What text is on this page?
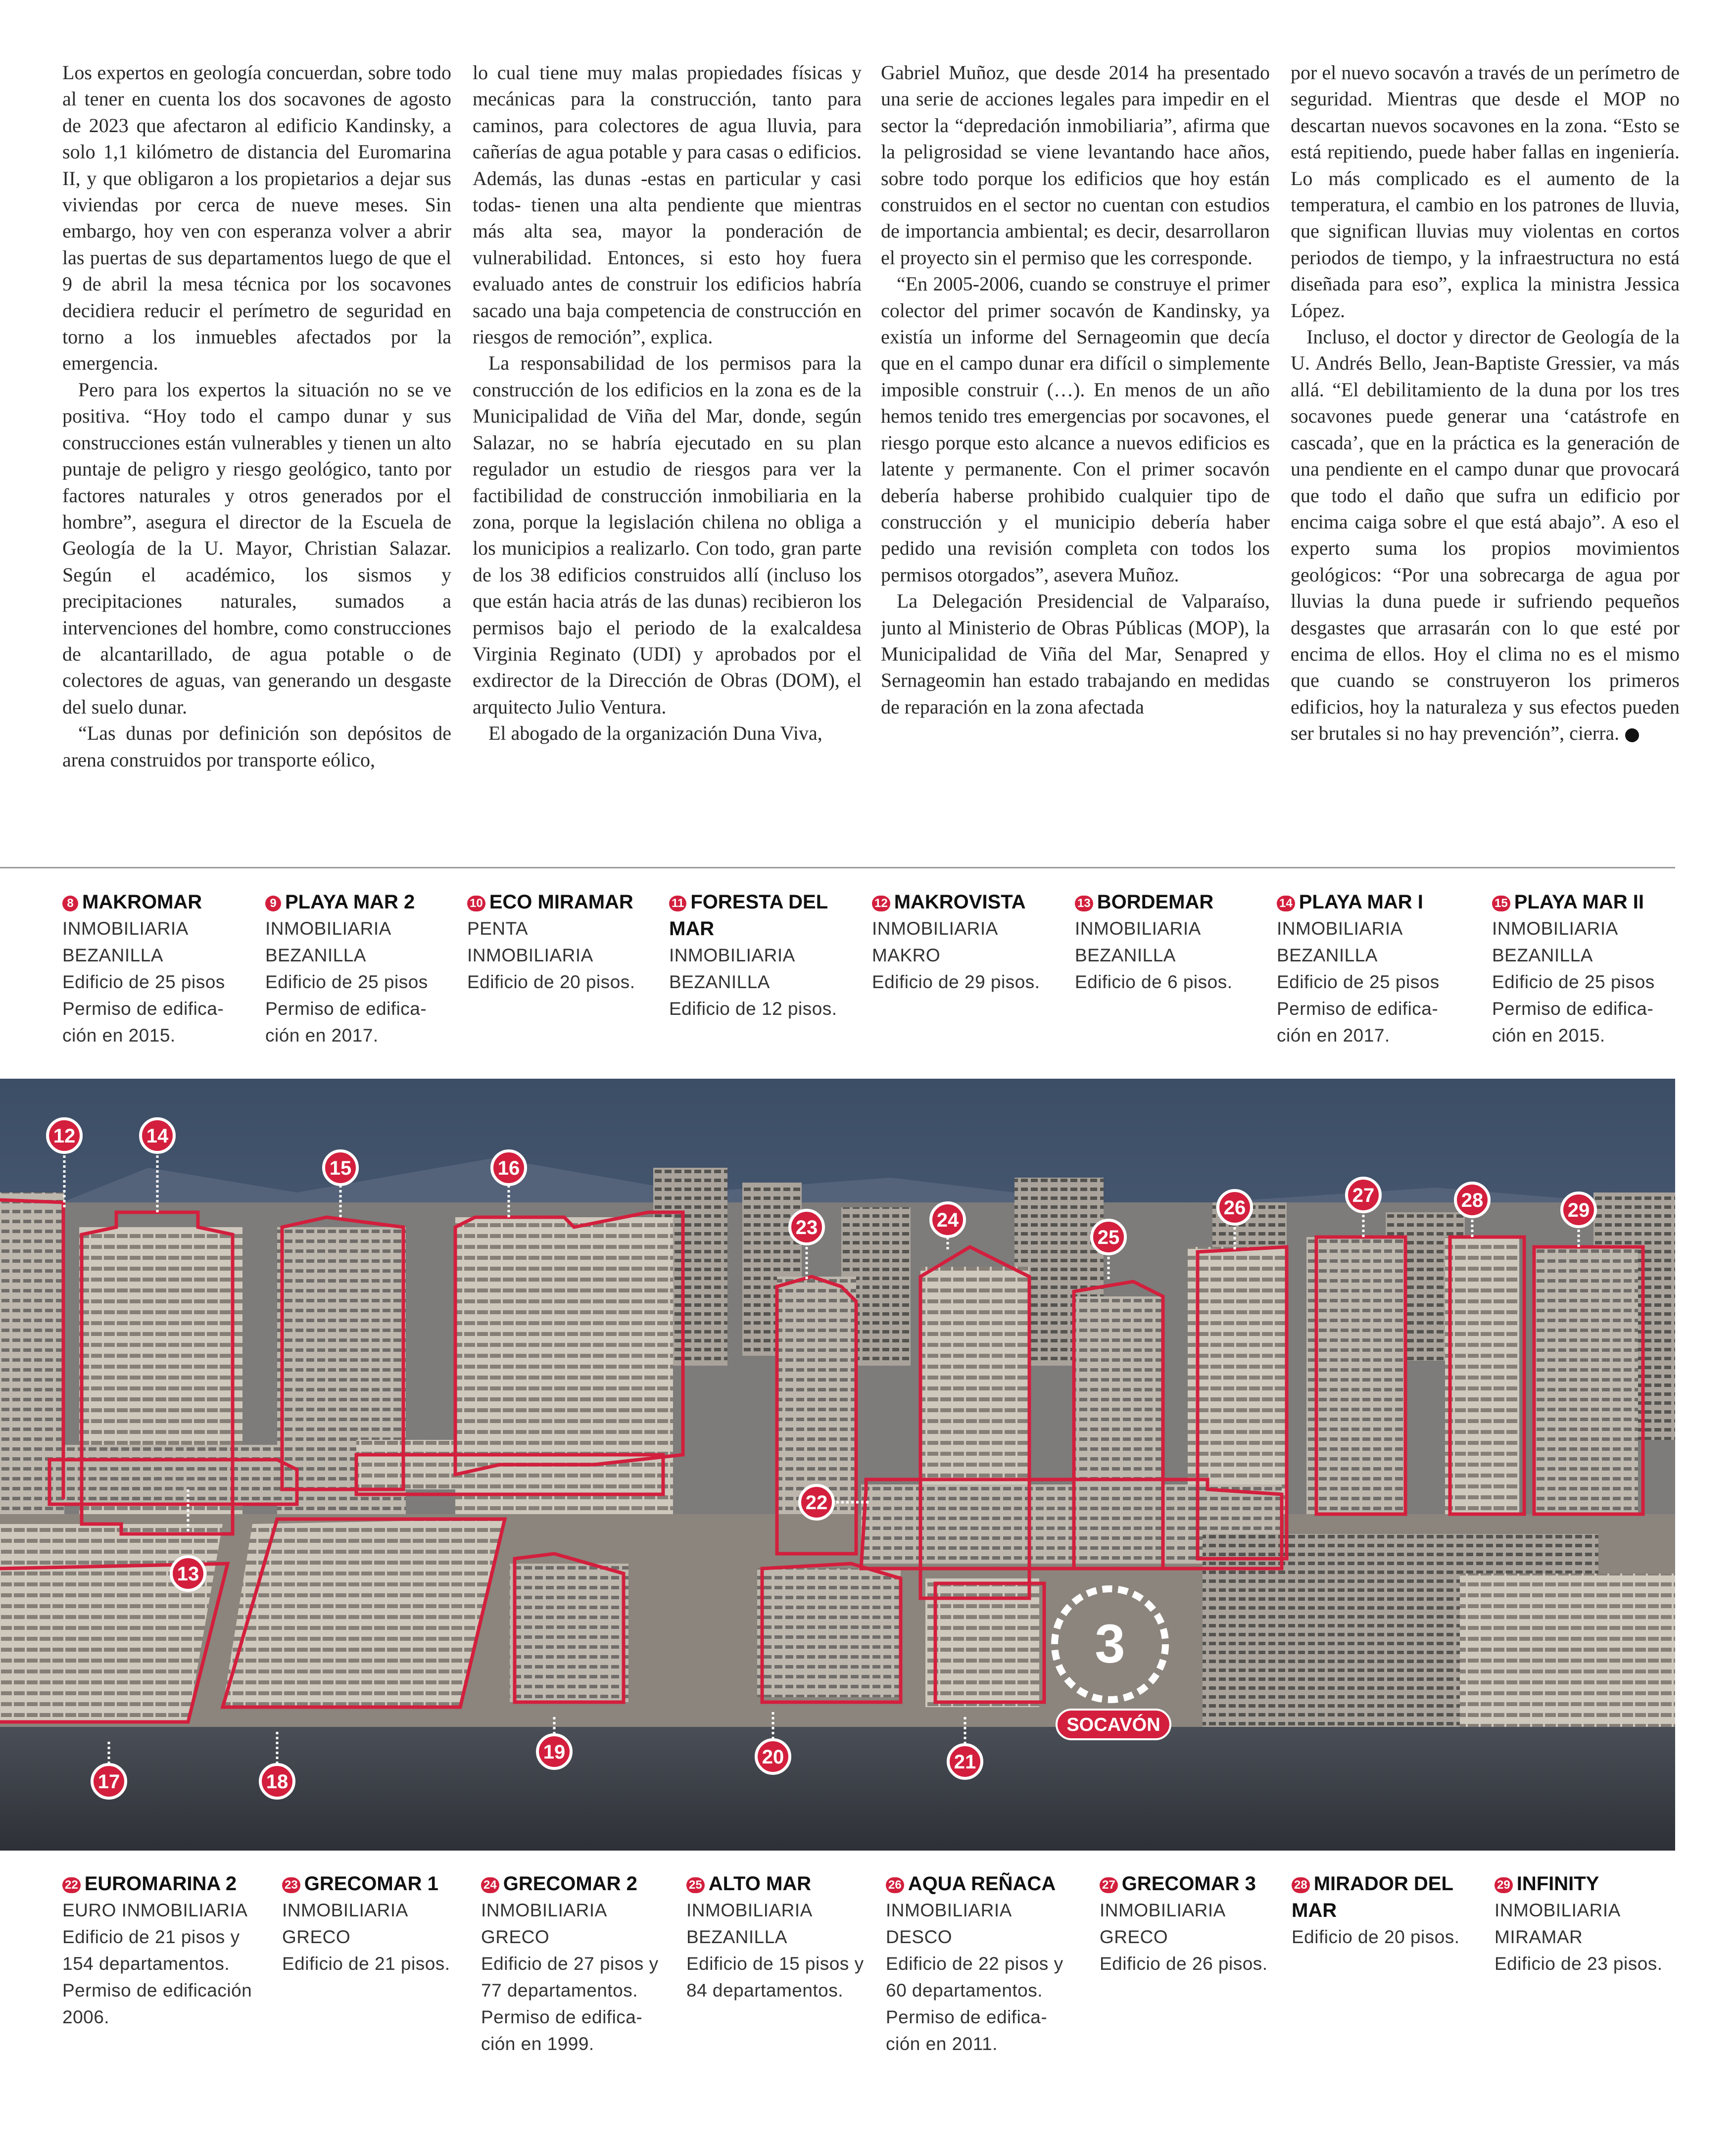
Los expertos en geología concuerdan, sobre todo al tener en cuenta los dos socavones de agosto de 2023 que afectaron al edificio Kandinsky, a solo 1,1 kilómetro de distancia del Euromarina II, y que obligaron a los propietarios a dejar sus viviendas por cerca de nueve meses. Sin embargo, hoy ven con esperanza volver a abrir las puertas de sus departamentos luego de que el 9 de abril la mesa técnica por los socavones decidiera reducir el perímetro de seguridad en torno a los inmuebles afectados por la emergencia.

Pero para los expertos la situación no se ve positiva. “Hoy todo el campo dunar y sus construcciones están vulnerables y tienen un alto puntaje de peligro y riesgo geológico, tanto por factores naturales y otros generados por el hombre”, asegura el director de la Escuela de Geología de la U. Mayor, Christian Salazar. Según el académico, los sismos y precipitaciones naturales, sumados a intervenciones del hombre, como construcciones de alcantarillado, de agua potable o de colectores de aguas, van generando un desgaste del suelo dunar.

“Las dunas por definición son depósitos de arena construidos por transporte eólico,

lo cual tiene muy malas propiedades físicas y mecánicas para la construcción, tanto para caminos, para colectores de agua lluvia, para cañerías de agua potable y para casas o edificios. Además, las dunas -estas en particular y casi todas- tienen una alta pendiente que mientras más alta sea, mayor la ponderación de vulnerabilidad. Entonces, si esto hoy fuera evaluado antes de construir los edificios habría sacado una baja competencia de construcción en riesgos de remoción”, explica.

La responsabilidad de los permisos para la construcción de los edificios en la zona es de la Municipalidad de Viña del Mar, donde, según Salazar, no se habría ejecutado en su plan regulador un estudio de riesgos para ver la factibilidad de construcción inmobiliaria en la zona, porque la legislación chilena no obliga a los municipios a realizarlo. Con todo, gran parte de los 38 edificios construidos allí (incluso los que están hacia atrás de las dunas) recibieron los permisos bajo el periodo de la exalcaldesa Virginia Reginato (UDI) y aprobados por el exdirector de la Dirección de Obras (DOM), el arquitecto Julio Ventura.

El abogado de la organización Duna Viva,

Gabriel Muñoz, que desde 2014 ha presentado una serie de acciones legales para impedir en el sector la “depredación inmobiliaria”, afirma que la peligrosidad se viene levantando hace años, sobre todo porque los edificios que hoy están construidos en el sector no cuentan con estudios de importancia ambiental; es decir, desarrollaron el proyecto sin el permiso que les corresponde.

“En 2005-2006, cuando se construye el primer colector del primer socavón de Kandinsky, ya existía un informe del Sernageomin que decía que en el campo dunar era difícil o simplemente imposible construir (…). En menos de un año hemos tenido tres emergencias por socavones, el riesgo porque esto alcance a nuevos edificios es latente y permanente. Con el primer socavón debería haberse prohibido cualquier tipo de construcción y el municipio debería haber pedido una revisión completa con todos los permisos otorgados”, asevera Muñoz.

La Delegación Presidencial de Valparaíso, junto al Ministerio de Obras Públicas (MOP), la Municipalidad de Viña del Mar, Senapred y Sernageomin han estado trabajando en medidas de reparación en la zona afectada

por el nuevo socavón a través de un perímetro de seguridad. Mientras que desde el MOP no descartan nuevos socavones en la zona. “Esto se está repitiendo, puede haber fallas en ingeniería. Lo más complicado es el aumento de la temperatura, el cambio en los patrones de lluvia, que significan lluvias muy violentas en cortos periodos de tiempo, y la infraestructura no está diseñada para eso”, explica la ministra Jessica López.

Incluso, el doctor y director de Geología de la U. Andrés Bello, Jean-Baptiste Gressier, va más allá. “El debilitamiento de la duna por los tres socavones puede generar una ‘catástrofe en cascada’, que en la práctica es la generación de una pendiente en el campo dunar que provocará que todo el daño que sufra un edificio por encima caiga sobre el que está abajo”. A eso el experto suma los propios movimientos geológicos: “Por una sobrecarga de agua por lluvias la duna puede ir sufriendo pequeños desgastes que arrasarán con lo que esté por encima de ellos. Hoy el clima no es el mismo que cuando se construyeron los primeros edificios, hoy la naturaleza y sus efectos pueden ser brutales si no hay prevención”, cierra.

8 MAKROMAR
INMOBILIARIA
BEZANILLA
Edificio de 25 pisos
Permiso de edifica-
ción en 2015.
9 PLAYA MAR 2
INMOBILIARIA
BEZANILLA
Edificio de 25 pisos
Permiso de edifica-
ción en 2017.
10 ECO MIRAMAR
PENTA
INMOBILIARIA
Edificio de 20 pisos.
11 FORESTA DEL MAR
INMOBILIARIA
BEZANILLA
Edificio de 12 pisos.
12 MAKROVISTA
INMOBILIARIA
MAKRO
Edificio de 29 pisos.
13 BORDEMAR
INMOBILIARIA
BEZANILLA
Edificio de 6 pisos.
14 PLAYA MAR I
INMOBILIARIA
BEZANILLA
Edificio de 25 pisos
Permiso de edifica-
ción en 2017.
15 PLAYA MAR II
INMOBILIARIA
BEZANILLA
Edificio de 25 pisos
Permiso de edifica-
ción en 2015.
12
13
14
15	16
17	18
19	20	21
22
23	24
25
26
27	28	29
3
SOCAVÓN
22 EUROMARINA 2
EURO INMOBILIARIA
Edificio de 21 pisos y
154 departamentos.
Permiso de edificación
2006.
23 GRECOMAR 1
INMOBILIARIA
GRECO
Edificio de 21 pisos.
24 GRECOMAR 2
INMOBILIARIA
GRECO
Edificio de 27 pisos y
77 departamentos.
Permiso de edifica-
ción en 1999.
25 ALTO MAR
INMOBILIARIA
BEZANILLA
Edificio de 15 pisos y
84 departamentos.
26 AQUA REÑACA
INMOBILIARIA
DESCO
Edificio de 22 pisos y
60 departamentos.
Permiso de edifica-
ción en 2011.
27 GRECOMAR 3
INMOBILIARIA
GRECO
Edificio de 26 pisos.
28 MIRADOR DEL MAR
Edificio de 20 pisos.
29 INFINITY
INMOBILIARIA
MIRAMAR
Edificio de 23 pisos.
